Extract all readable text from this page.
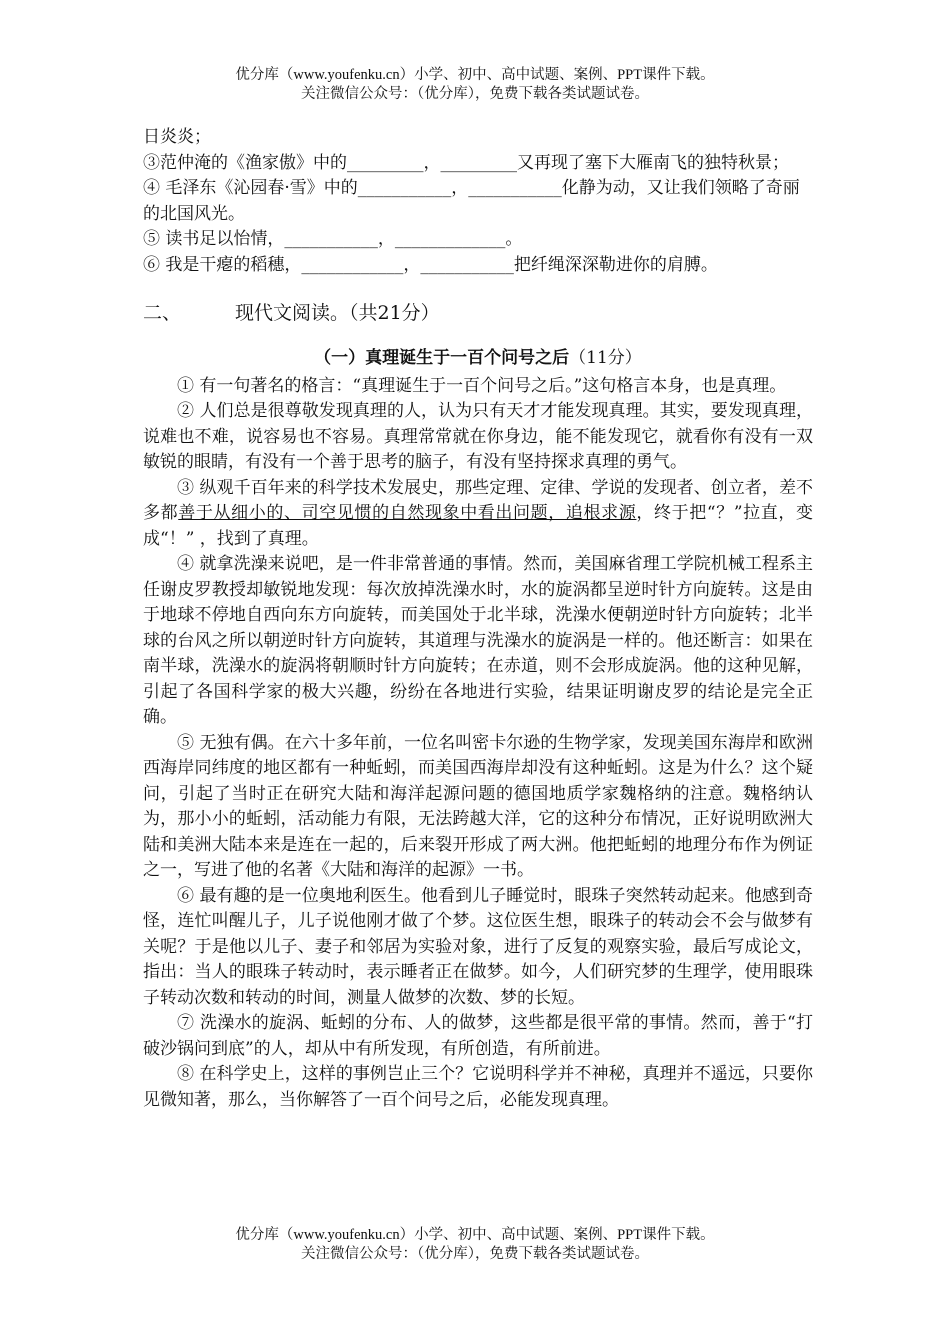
优分库（www.youfenku.cn）小学、初中、高中试题、案例、PPT课件下载。
关注微信公众号：（优分库），免费下载各类试题试卷。

日炎炎；

③范仲淹的《渔家傲》中的_________，_________又再现了塞下大雁南飞的独特秋景；

④ 毛泽东《沁园春·雪》中的___________，___________化静为动，又让我们领略了奇丽的北国风光。

⑤ 读书足以怡情，___________，_____________。

⑥ 我是干瘪的稻穗，____________，___________把纤绳深深勒进你的肩膊。

二、	现代文阅读。（共21分）

（一）真理诞生于一百个问号之后（11分）

① 有一句著名的格言：“真理诞生于一百个问号之后。”这句格言本身，也是真理。

② 人们总是很尊敬发现真理的人，认为只有天才才能发现真理。其实，要发现真理，说难也不难，说容易也不容易。真理常常就在你身边，能不能发现它，就看你有没有一双敏锐的眼睛，有没有一个善于思考的脑子，有没有坚持探求真理的勇气。

③ 纵观千百年来的科学技术发展史，那些定理、定律、学说的发现者、创立者，差不多都善于从细小的、司空见惯的自然现象中看出问题，追根求源，终于把“？”拉直，变成“！” ，找到了真理。

④ 就拿洗澡来说吧，是一件非常普通的事情。然而，美国麻省理工学院机械工程系主任谢皮罗教授却敏锐地发现：每次放掉洗澡水时，水的旋涡都呈逆时针方向旋转。这是由于地球不停地自西向东方向旋转，而美国处于北半球，洗澡水便朝逆时针方向旋转；北半球的台风之所以朝逆时针方向旋转，其道理与洗澡水的旋涡是一样的。他还断言：如果在南半球，洗澡水的旋涡将朝顺时针方向旋转；在赤道，则不会形成旋涡。他的这种见解，引起了各国科学家的极大兴趣，纷纷在各地进行实验，结果证明谢皮罗的结论是完全正确。

⑤ 无独有偶。在六十多年前，一位名叫密卡尔逊的生物学家，发现美国东海岸和欧洲西海岸同纬度的地区都有一种蚯蚓，而美国西海岸却没有这种蚯蚓。这是为什么？这个疑问，引起了当时正在研究大陆和海洋起源问题的德国地质学家魏格纳的注意。魏格纳认为，那小小的蚯蚓，活动能力有限，无法跨越大洋，它的这种分布情况，正好说明欧洲大陆和美洲大陆本来是连在一起的，后来裂开形成了两大洲。他把蚯蚓的地理分布作为例证之一，写进了他的名著《大陆和海洋的起源》一书。

⑥ 最有趣的是一位奥地利医生。他看到儿子睡觉时，眼珠子突然转动起来。他感到奇怪，连忙叫醒儿子，儿子说他刚才做了个梦。这位医生想，眼珠子的转动会不会与做梦有关呢？于是他以儿子、妻子和邻居为实验对象，进行了反复的观察实验，最后写成论文，指出：当人的眼珠子转动时，表示睡者正在做梦。如今，人们研究梦的生理学，使用眼珠子转动次数和转动的时间，测量人做梦的次数、梦的长短。

⑦ 洗澡水的旋涡、蚯蚓的分布、人的做梦，这些都是很平常的事情。然而，善于“打破沙锅问到底”的人，却从中有所发现，有所创造，有所前进。

⑧ 在科学史上，这样的事例岂止三个？它说明科学并不神秘，真理并不遥远，只要你见微知著，那么，当你解答了一百个问号之后，必能发现真理。

优分库（www.youfenku.cn）小学、初中、高中试题、案例、PPT课件下载。
关注微信公众号：（优分库），免费下载各类试题试卷。
